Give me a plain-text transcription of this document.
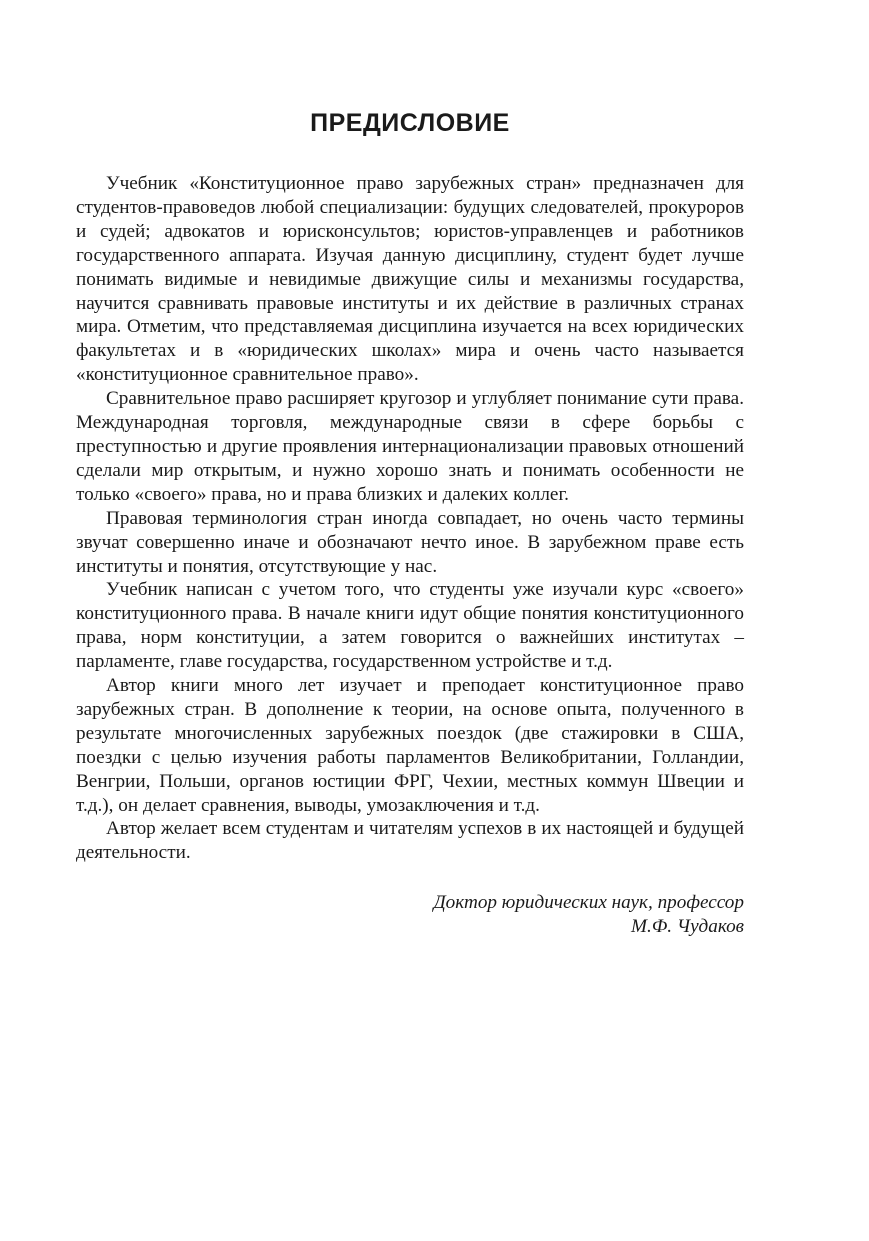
ПРЕДИСЛОВИЕ

Учебник «Конституционное право зарубежных стран» предназначен для студентов-правоведов любой специализации: будущих следователей, прокуроров и судей; адвокатов и юрисконсультов; юристов-управленцев и работников государственного аппарата. Изучая данную дисциплину, студент будет лучше понимать видимые и невидимые движущие силы и механизмы государства, научится сравнивать правовые институты и их действие в различных странах мира. Отметим, что представляемая дисциплина изучается на всех юридических факультетах и в «юридических школах» мира и очень часто называется «конституционное сравнительное право».

Сравнительное право расширяет кругозор и углубляет понимание сути права. Международная торговля, международные связи в сфере борьбы с преступностью и другие проявления интернационализации правовых отношений сделали мир открытым, и нужно хорошо знать и понимать особенности не только «своего» права, но и права близких и далеких коллег.

Правовая терминология стран иногда совпадает, но очень часто термины звучат совершенно иначе и обозначают нечто иное. В зарубежном праве есть институты и понятия, отсутствующие у нас.

Учебник написан с учетом того, что студенты уже изучали курс «своего» конституционного права. В начале книги идут общие понятия конституционного права, норм конституции, а затем говорится о важнейших институтах – парламенте, главе государства, государственном устройстве и т.д.

Автор книги много лет изучает и преподает конституционное право зарубежных стран. В дополнение к теории, на основе опыта, полученного в результате многочисленных зарубежных поездок (две стажировки в США, поездки с целью изучения работы парламентов Великобритании, Голландии, Венгрии, Польши, органов юстиции ФРГ, Чехии, местных коммун Швеции и т.д.), он делает сравнения, выводы, умозаключения и т.д.

Автор желает всем студентам и читателям успехов в их настоящей и будущей деятельности.

Доктор юридических наук, профессор
М.Ф. Чудаков
